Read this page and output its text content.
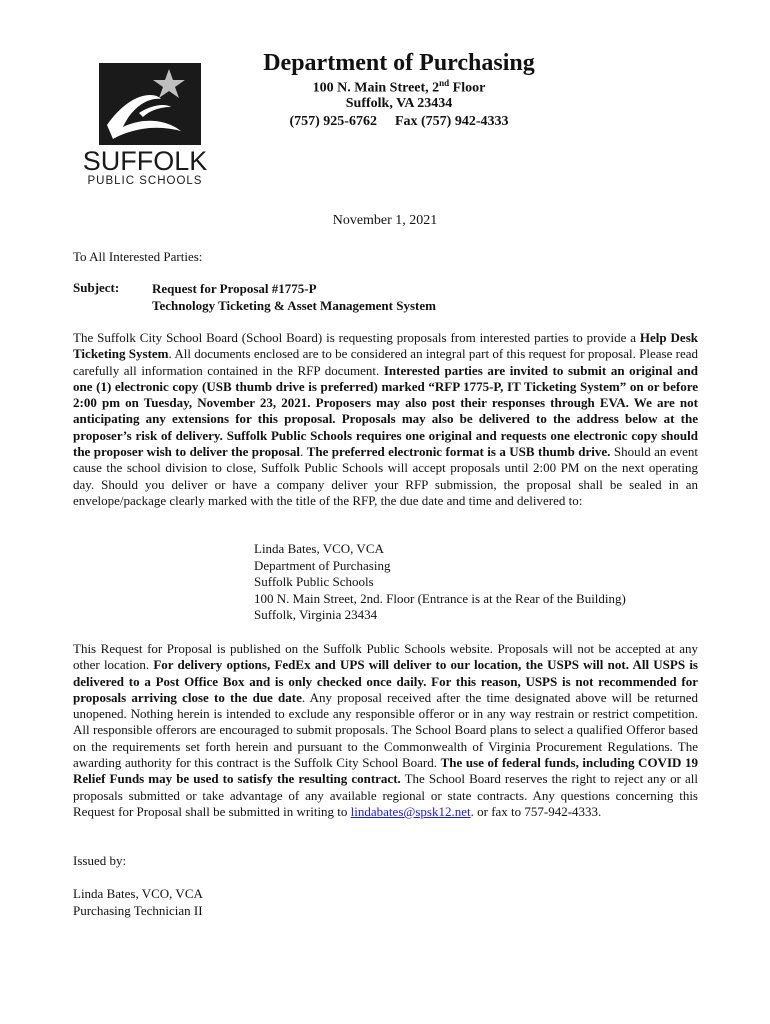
SUFFOLK
PUBLIC SCHOOLS
Department of Purchasing
100 N. Main Street, 2nd Floor
Suffolk, VA 23434
(757) 925-6762 Fax (757) 942-4333
November 1, 2021
To All Interested Parties:
Subject:	Request for Proposal #1775-P
Technology Ticketing & Asset Management System
The Suffolk City School Board (School Board) is requesting proposals from interested parties to provide a Help Desk Ticketing System. All documents enclosed are to be considered an integral part of this request for proposal. Please read carefully all information contained in the RFP document. Interested parties are invited to submit an original and one (1) electronic copy (USB thumb drive is preferred) marked “RFP 1775-P, IT Ticketing System” on or before 2:00 pm on Tuesday, November 23, 2021. Proposers may also post their responses through EVA. We are not anticipating any extensions for this proposal. Proposals may also be delivered to the address below at the proposer’s risk of delivery. Suffolk Public Schools requires one original and requests one electronic copy should the proposer wish to deliver the proposal. The preferred electronic format is a USB thumb drive. Should an event cause the school division to close, Suffolk Public Schools will accept proposals until 2:00 PM on the next operating day. Should you deliver or have a company deliver your RFP submission, the proposal shall be sealed in an envelope/package clearly marked with the title of the RFP, the due date and time and delivered to:
Linda Bates, VCO, VCA
Department of Purchasing
Suffolk Public Schools
100 N. Main Street, 2nd. Floor (Entrance is at the Rear of the Building)
Suffolk, Virginia 23434
This Request for Proposal is published on the Suffolk Public Schools website. Proposals will not be accepted at any other location. For delivery options, FedEx and UPS will deliver to our location, the USPS will not. All USPS is delivered to a Post Office Box and is only checked once daily. For this reason, USPS is not recommended for proposals arriving close to the due date. Any proposal received after the time designated above will be returned unopened. Nothing herein is intended to exclude any responsible offeror or in any way restrain or restrict competition. All responsible offerors are encouraged to submit proposals. The School Board plans to select a qualified Offeror based on the requirements set forth herein and pursuant to the Commonwealth of Virginia Procurement Regulations. The awarding authority for this contract is the Suffolk City School Board. The use of federal funds, including COVID 19 Relief Funds may be used to satisfy the resulting contract. The School Board reserves the right to reject any or all proposals submitted or take advantage of any available regional or state contracts. Any questions concerning this Request for Proposal shall be submitted in writing to lindabates@spsk12.net. or fax to 757-942-4333.
Issued by:
Linda Bates, VCO, VCA
Purchasing Technician II
